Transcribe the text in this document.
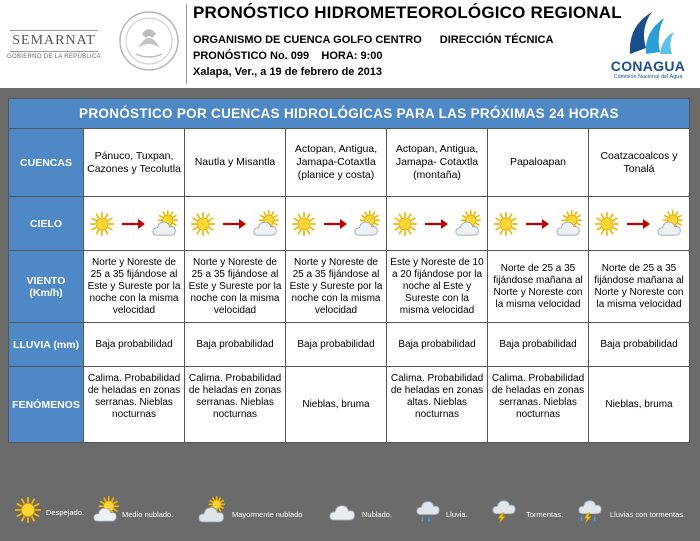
SEMARNAT
GOBIERNO DE LA REPÚBLICA
PRONÓSTICO HIDROMETEOROLÓGICO REGIONAL
ORGANISMO DE CUENCA GOLFO CENTRO DIRECCIÓN TÉCNICA
PRONÓSTICO No. 099 HORA: 9:00
Xalapa, Ver., a 19 de febrero de 2013	CONAGUA
Comisión Nacional del Agua
PRONÓSTICO POR CUENCAS HIDROLÓGICAS PARA LAS PRÓXIMAS 24 HORAS						
CUENCAS	Pánuco, Tuxpan, Cazones y Tecolutla	Nautla y Misantla	Actopan, Antigua, Jamapa-Cotaxtla (planice y costa)	Actopan, Antigua, Jamapa- Cotaxtla (montaña)	Papaloapan	Coatzacoalcos y Tonalá
CIELO	

VIENTO (Km/h)	Norte y Noreste de 25 a 35 fijándose al Este y Sureste por la noche con la misma velocidad	Norte y Noreste de 25 a 35 fijándose al Este y Sureste por la noche con la misma velocidad	Norte y Noreste de 25 a 35 fijándose al Este y Sureste por la noche con la misma velocidad	Este y Noreste de 10 a 20 fijándose por la noche al Este y Sureste con la misma velocidad	Norte de 25 a 35 fijándose mañana al Norte y Noreste con la misma velocidad	Norte de 25 a 35 fijándose mañana al Norte y Noreste con la misma velocidad
LLUVIA (mm)	Baja probabilidad	Baja probabilidad	Baja probabilidad	Baja probabilidad	Baja probabilidad	Baja probabilidad
FENÓMENOS	Calima. Probabilidad de heladas en zonas serranas. Nieblas nocturnas	Calima. Probabilidad de heladas en zonas serranas. Nieblas nocturnas	Nieblas, bruma	Calima. Probabilidad de heladas en zonas altas. Nieblas nocturnas	Calima. Probabilidad de heladas en zonas serranas. Nieblas nocturnas	Nieblas, bruma
Despejado.	Medio nublado.	Mayormente nublado	Nublado.	Lluvia.	Tormentas.	Lluvias con tormentas.
